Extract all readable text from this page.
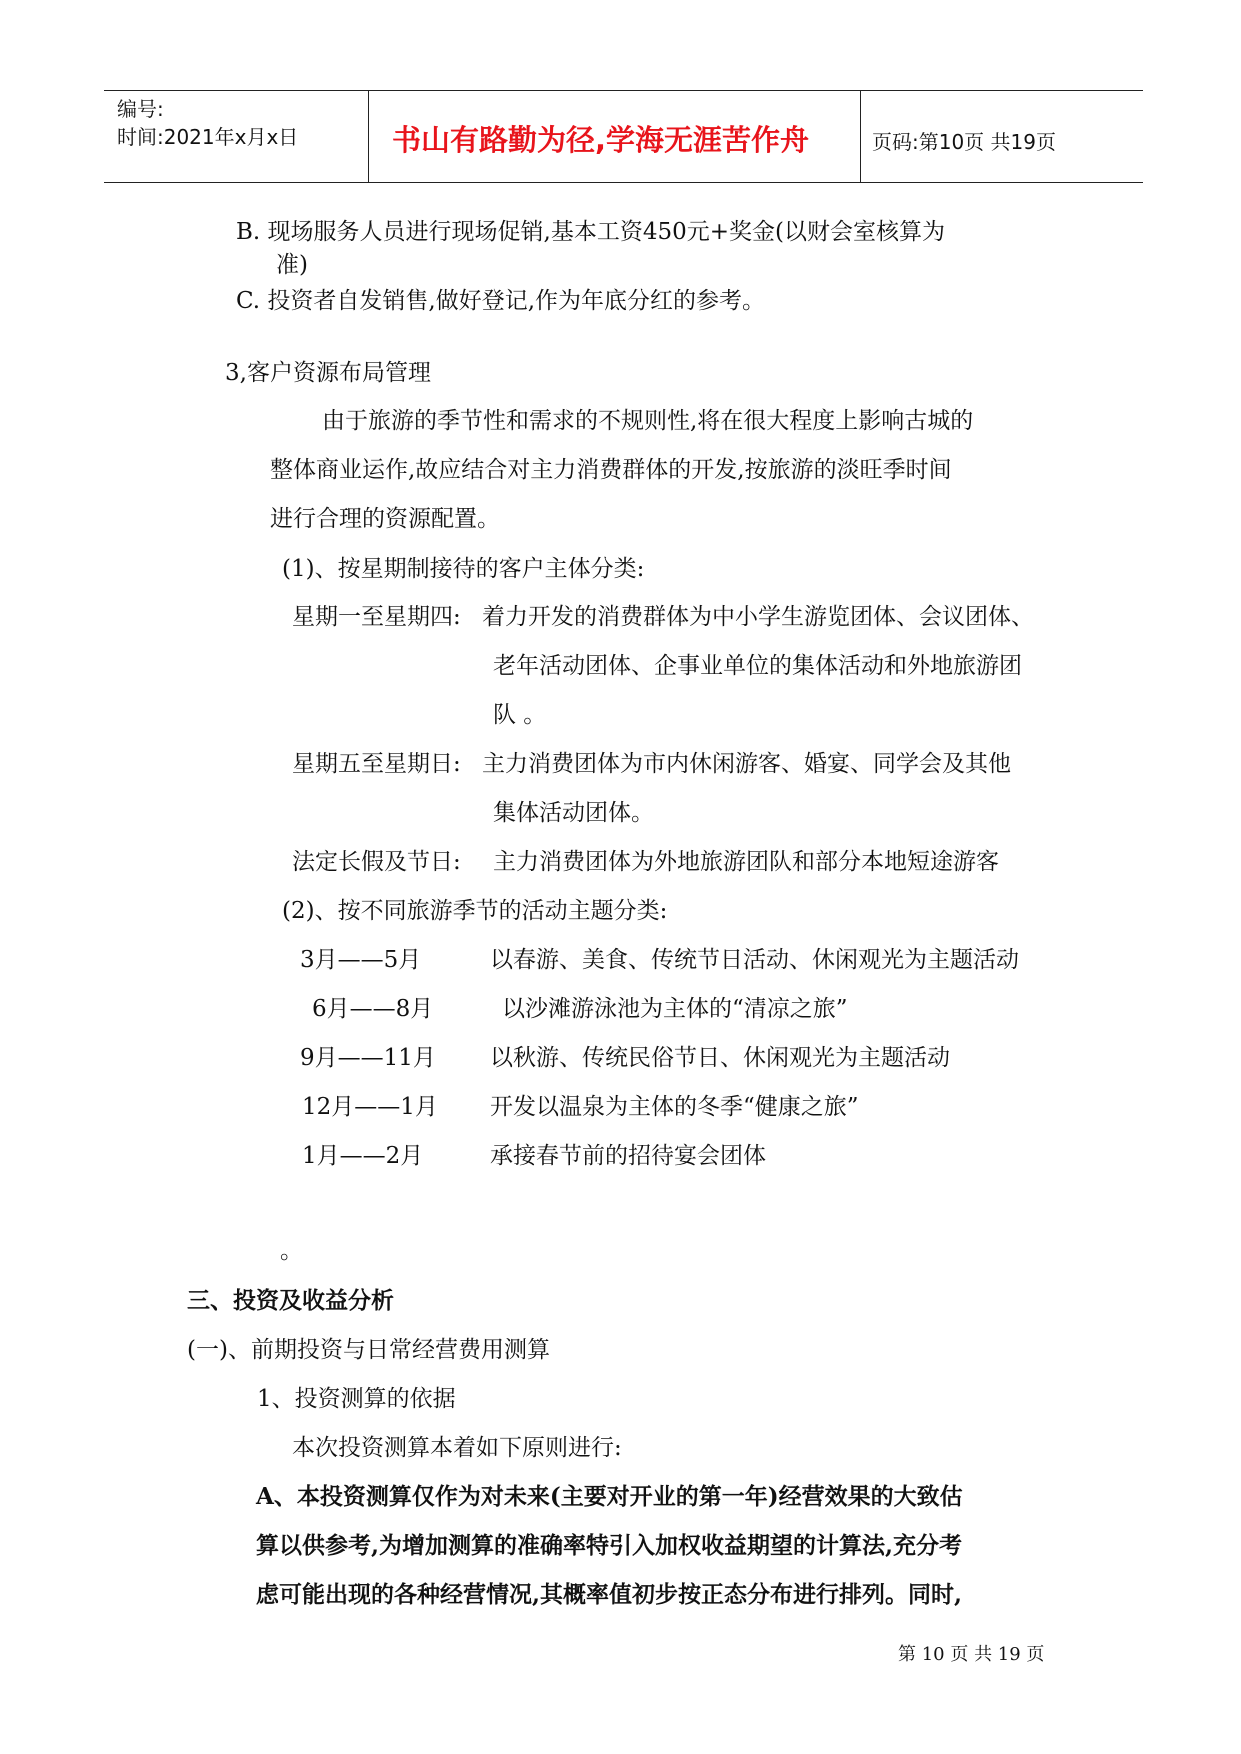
编号:
时间:2021年x月x日	书山有路勤为径,学海无涯苦作舟	页码:第10页 共19页
B. 现场服务人员进行现场促销,基本工资450元+奖金(以财会室核算为
准)
C. 投资者自发销售,做好登记,作为年底分红的参考。
3,客户资源布局管理
由于旅游的季节性和需求的不规则性,将在很大程度上影响古城的
整体商业运作,故应结合对主力消费群体的开发,按旅游的淡旺季时间
进行合理的资源配置。
(1)、按星期制接待的客户主体分类:
星期一至星期四: 着力开发的消费群体为中小学生游览团体、会议团体、
老年活动团体、企事业单位的集体活动和外地旅游团
队 。
星期五至星期日: 主力消费团体为市内休闲游客、婚宴、同学会及其他
集体活动团体。
法定长假及节日: 主力消费团体为外地旅游团队和部分本地短途游客
(2)、按不同旅游季节的活动主题分类:
3月——5月	以春游、美食、传统节日活动、休闲观光为主题活动
6月——8月	以沙滩游泳池为主体的“清凉之旅”
9月——11月 以秋游、传统民俗节日、休闲观光为主题活动
12月——1月 开发以温泉为主体的冬季“健康之旅”
1月——2月	承接春节前的招待宴会团体
。
三、投资及收益分析
(一)、前期投资与日常经营费用测算
1、投资测算的依据
本次投资测算本着如下原则进行:
A、本投资测算仅作为对未来(主要对开业的第一年)经营效果的大致估
算以供参考,为增加测算的准确率特引入加权收益期望的计算法,充分考
虑可能出现的各种经营情况,其概率值初步按正态分布进行排列。同时,
第 10 页 共 19 页
